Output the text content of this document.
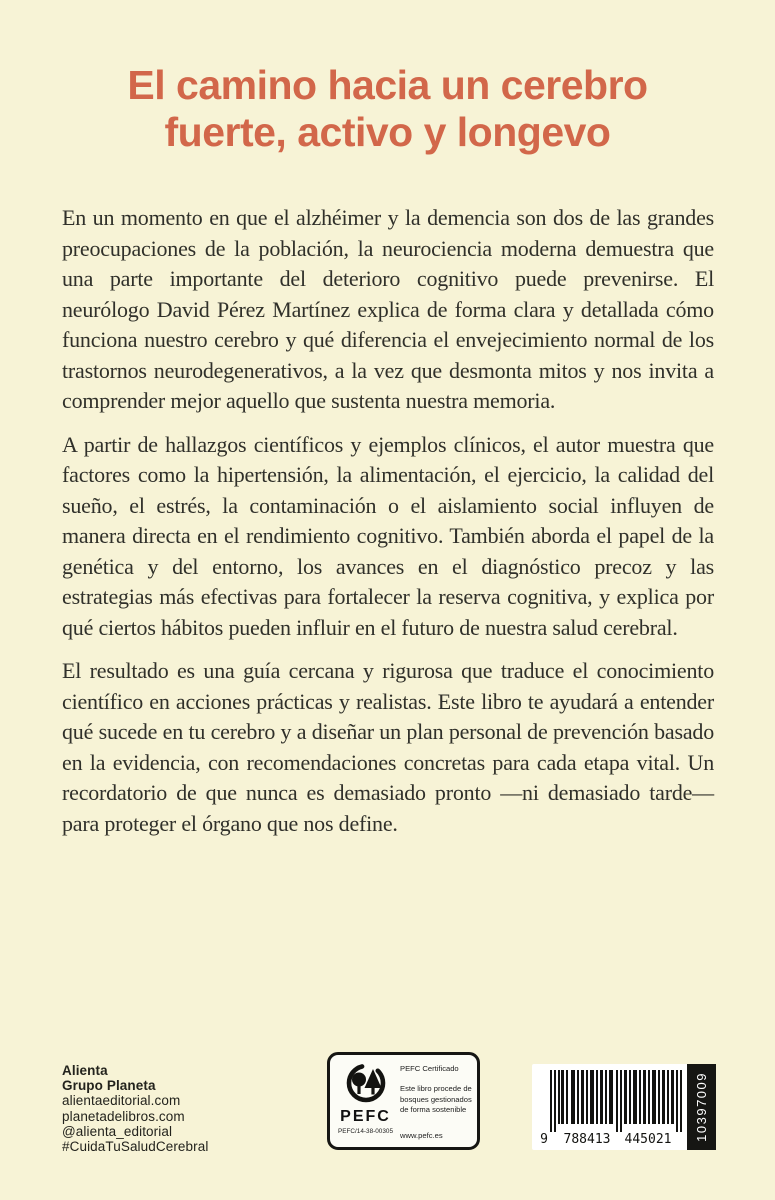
El camino hacia un cerebro
fuerte, activo y longevo

En un momento en que el alzhéimer y la demencia son dos de las grandes preocupaciones de la población, la neurociencia moderna demuestra que una parte importante del deterioro cognitivo puede prevenirse. El neurólogo David Pérez Martínez explica de forma clara y detallada cómo funciona nuestro cerebro y qué diferencia el envejecimiento normal de los trastornos neurodegenerativos, a la vez que desmonta mitos y nos invita a comprender mejor aquello que sustenta nuestra memoria.

A partir de hallazgos científicos y ejemplos clínicos, el autor muestra que factores como la hipertensión, la alimentación, el ejercicio, la calidad del sueño, el estrés, la contaminación o el aislamiento social influyen de manera directa en el rendimiento cognitivo. También aborda el papel de la genética y del entorno, los avances en el diagnóstico precoz y las estrategias más efectivas para fortalecer la reserva cognitiva, y explica por qué ciertos hábitos pueden influir en el futuro de nuestra salud cerebral.

El resultado es una guía cercana y rigurosa que traduce el conocimiento científico en acciones prácticas y realistas. Este libro te ayudará a entender qué sucede en tu cerebro y a diseñar un plan personal de prevención basado en la evidencia, con recomendaciones concretas para cada etapa vital. Un recordatorio de que nunca es demasiado pronto —ni demasiado tarde— para proteger el órgano que nos define.

Alienta
Grupo Planeta
alientaeditorial.com
planetadelibros.com
@alienta_editorial
#CuidaTuSaludCerebral
PEFC
PEFC/14-38-00305
PEFC Certificado
Este libro procede de bosques gestionados de forma sostenible
www.pefc.es	9 788413 445021 10397009
